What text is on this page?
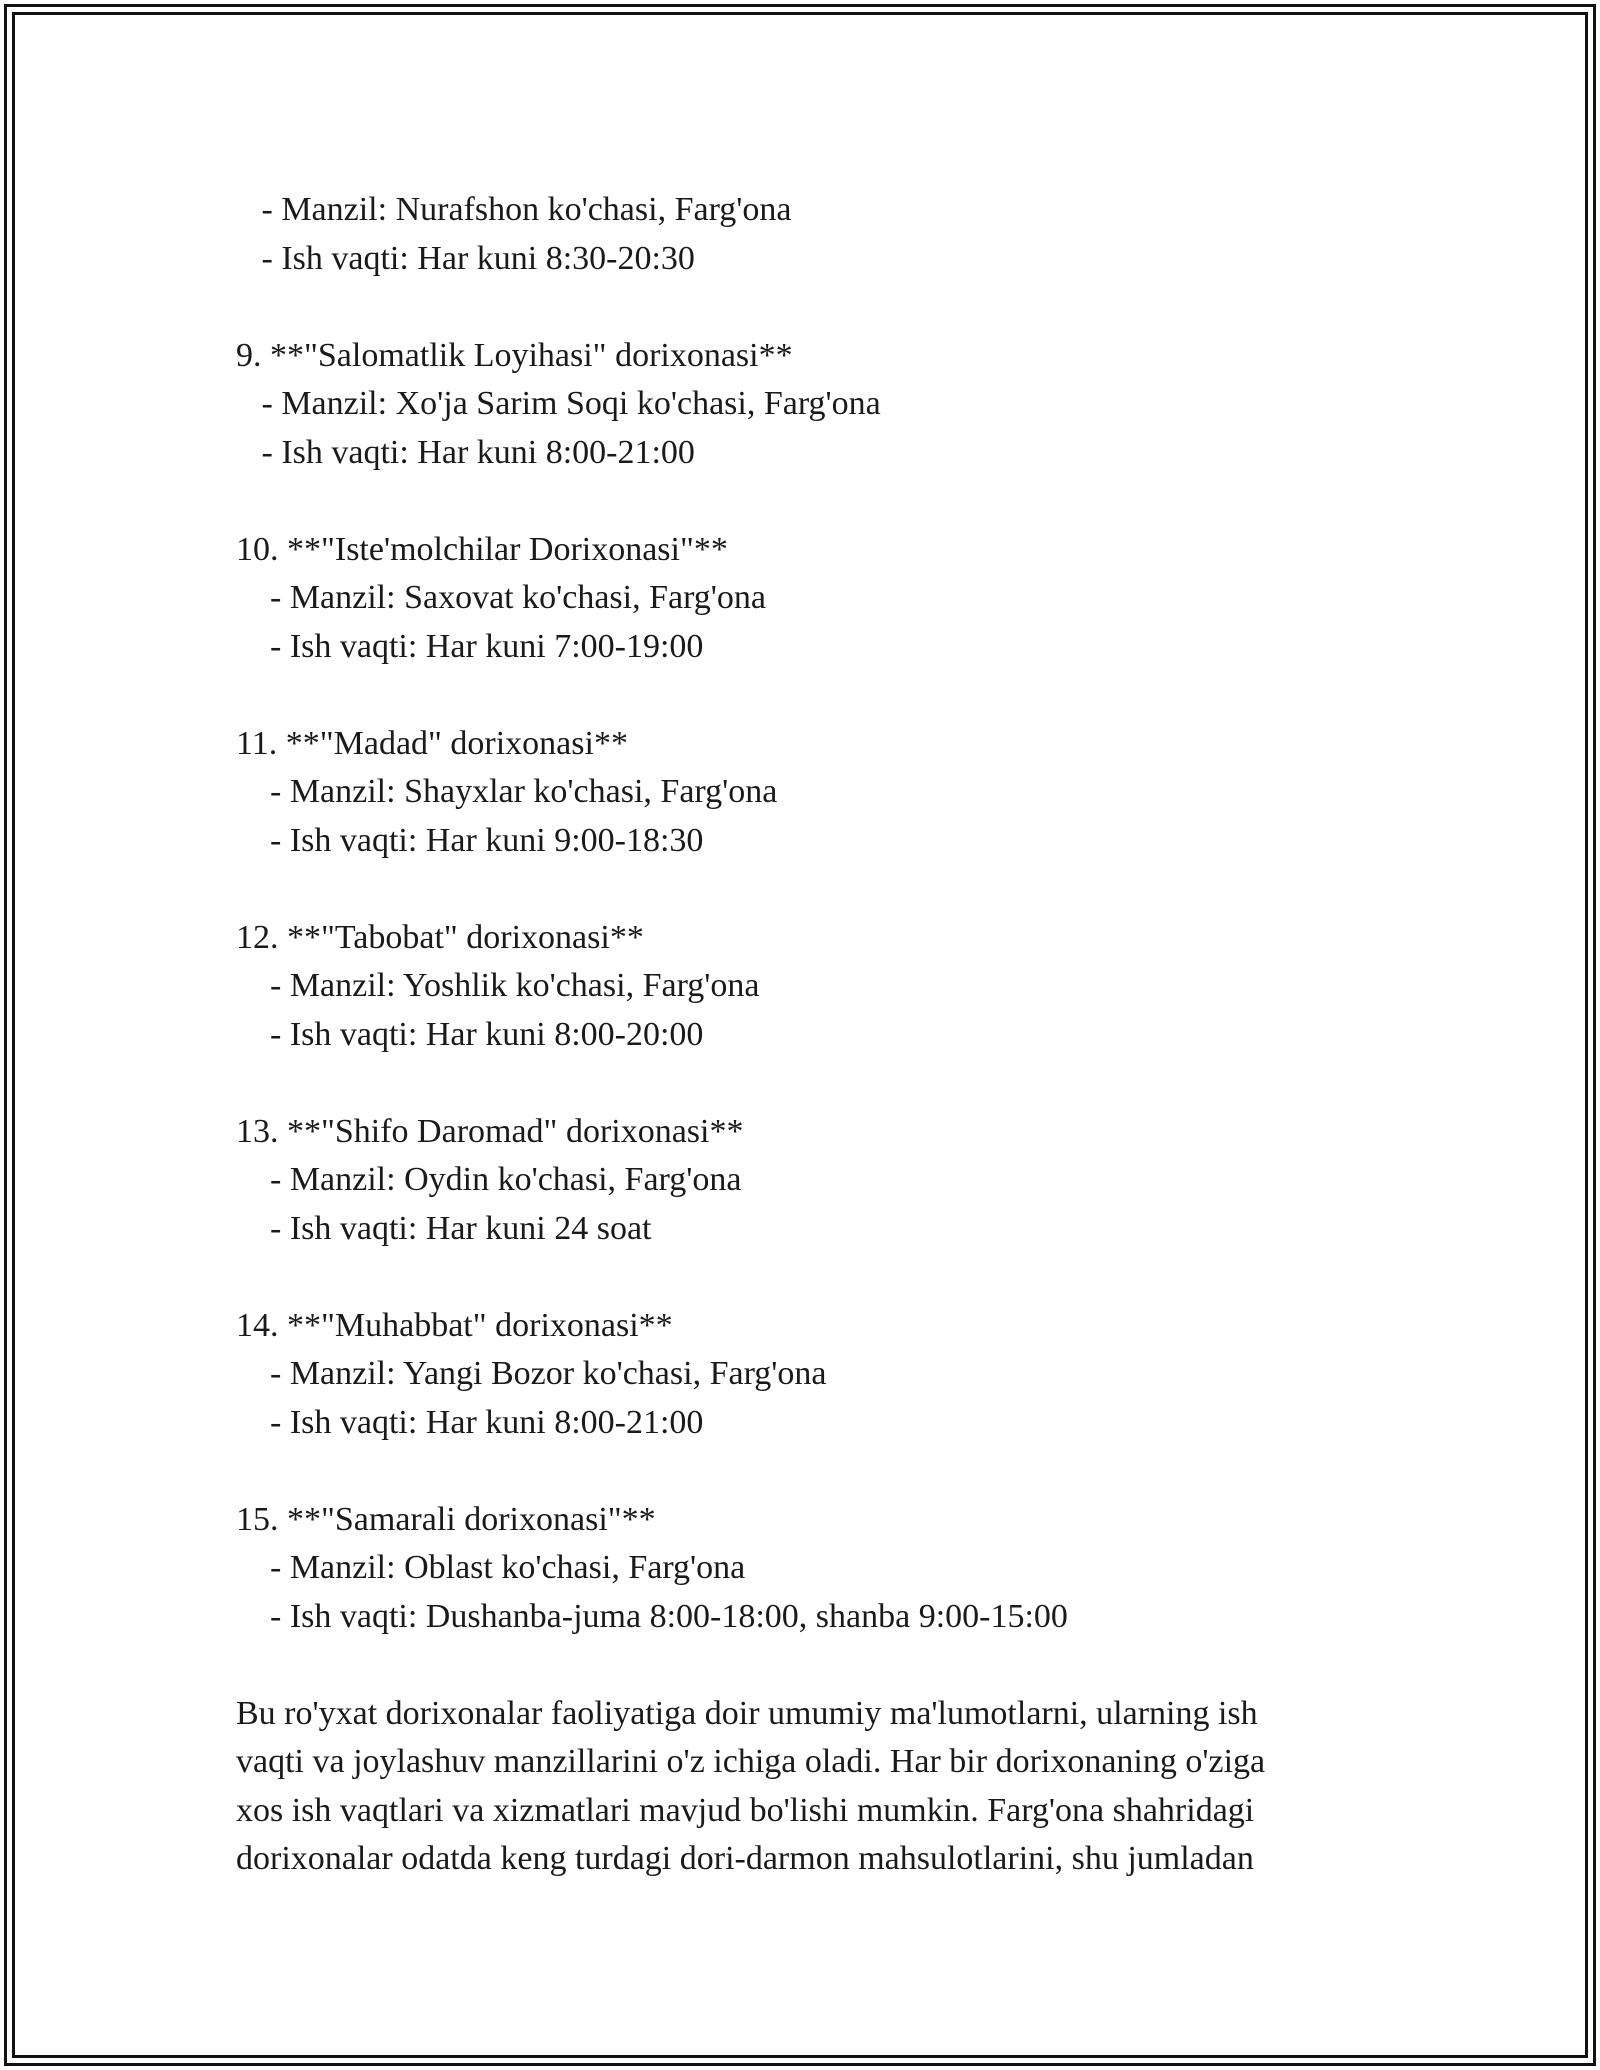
- Manzil: Nurafshon ko'chasi, Farg'ona
- Ish vaqti: Har kuni 8:30-20:30
9. **"Salomatlik Loyihasi" dorixonasi**
- Manzil: Xo'ja Sarim Soqi ko'chasi, Farg'ona
- Ish vaqti: Har kuni 8:00-21:00
10. **"Iste'molchilar Dorixonasi"**
- Manzil: Saxovat ko'chasi, Farg'ona
- Ish vaqti: Har kuni 7:00-19:00
11. **"Madad" dorixonasi**
- Manzil: Shayxlar ko'chasi, Farg'ona
- Ish vaqti: Har kuni 9:00-18:30
12. **"Tabobat" dorixonasi**
- Manzil: Yoshlik ko'chasi, Farg'ona
- Ish vaqti: Har kuni 8:00-20:00
13. **"Shifo Daromad" dorixonasi**
- Manzil: Oydin ko'chasi, Farg'ona
- Ish vaqti: Har kuni 24 soat
14. **"Muhabbat" dorixonasi**
- Manzil: Yangi Bozor ko'chasi, Farg'ona
- Ish vaqti: Har kuni 8:00-21:00
15. **"Samarali dorixonasi"**
- Manzil: Oblast ko'chasi, Farg'ona
- Ish vaqti: Dushanba-juma 8:00-18:00, shanba 9:00-15:00
Bu ro'yxat dorixonalar faoliyatiga doir umumiy ma'lumotlarni, ularning ish
vaqti va joylashuv manzillarini o'z ichiga oladi. Har bir dorixonaning o'ziga
xos ish vaqtlari va xizmatlari mavjud bo'lishi mumkin. Farg'ona shahridagi
dorixonalar odatda keng turdagi dori-darmon mahsulotlarini, shu jumladan
